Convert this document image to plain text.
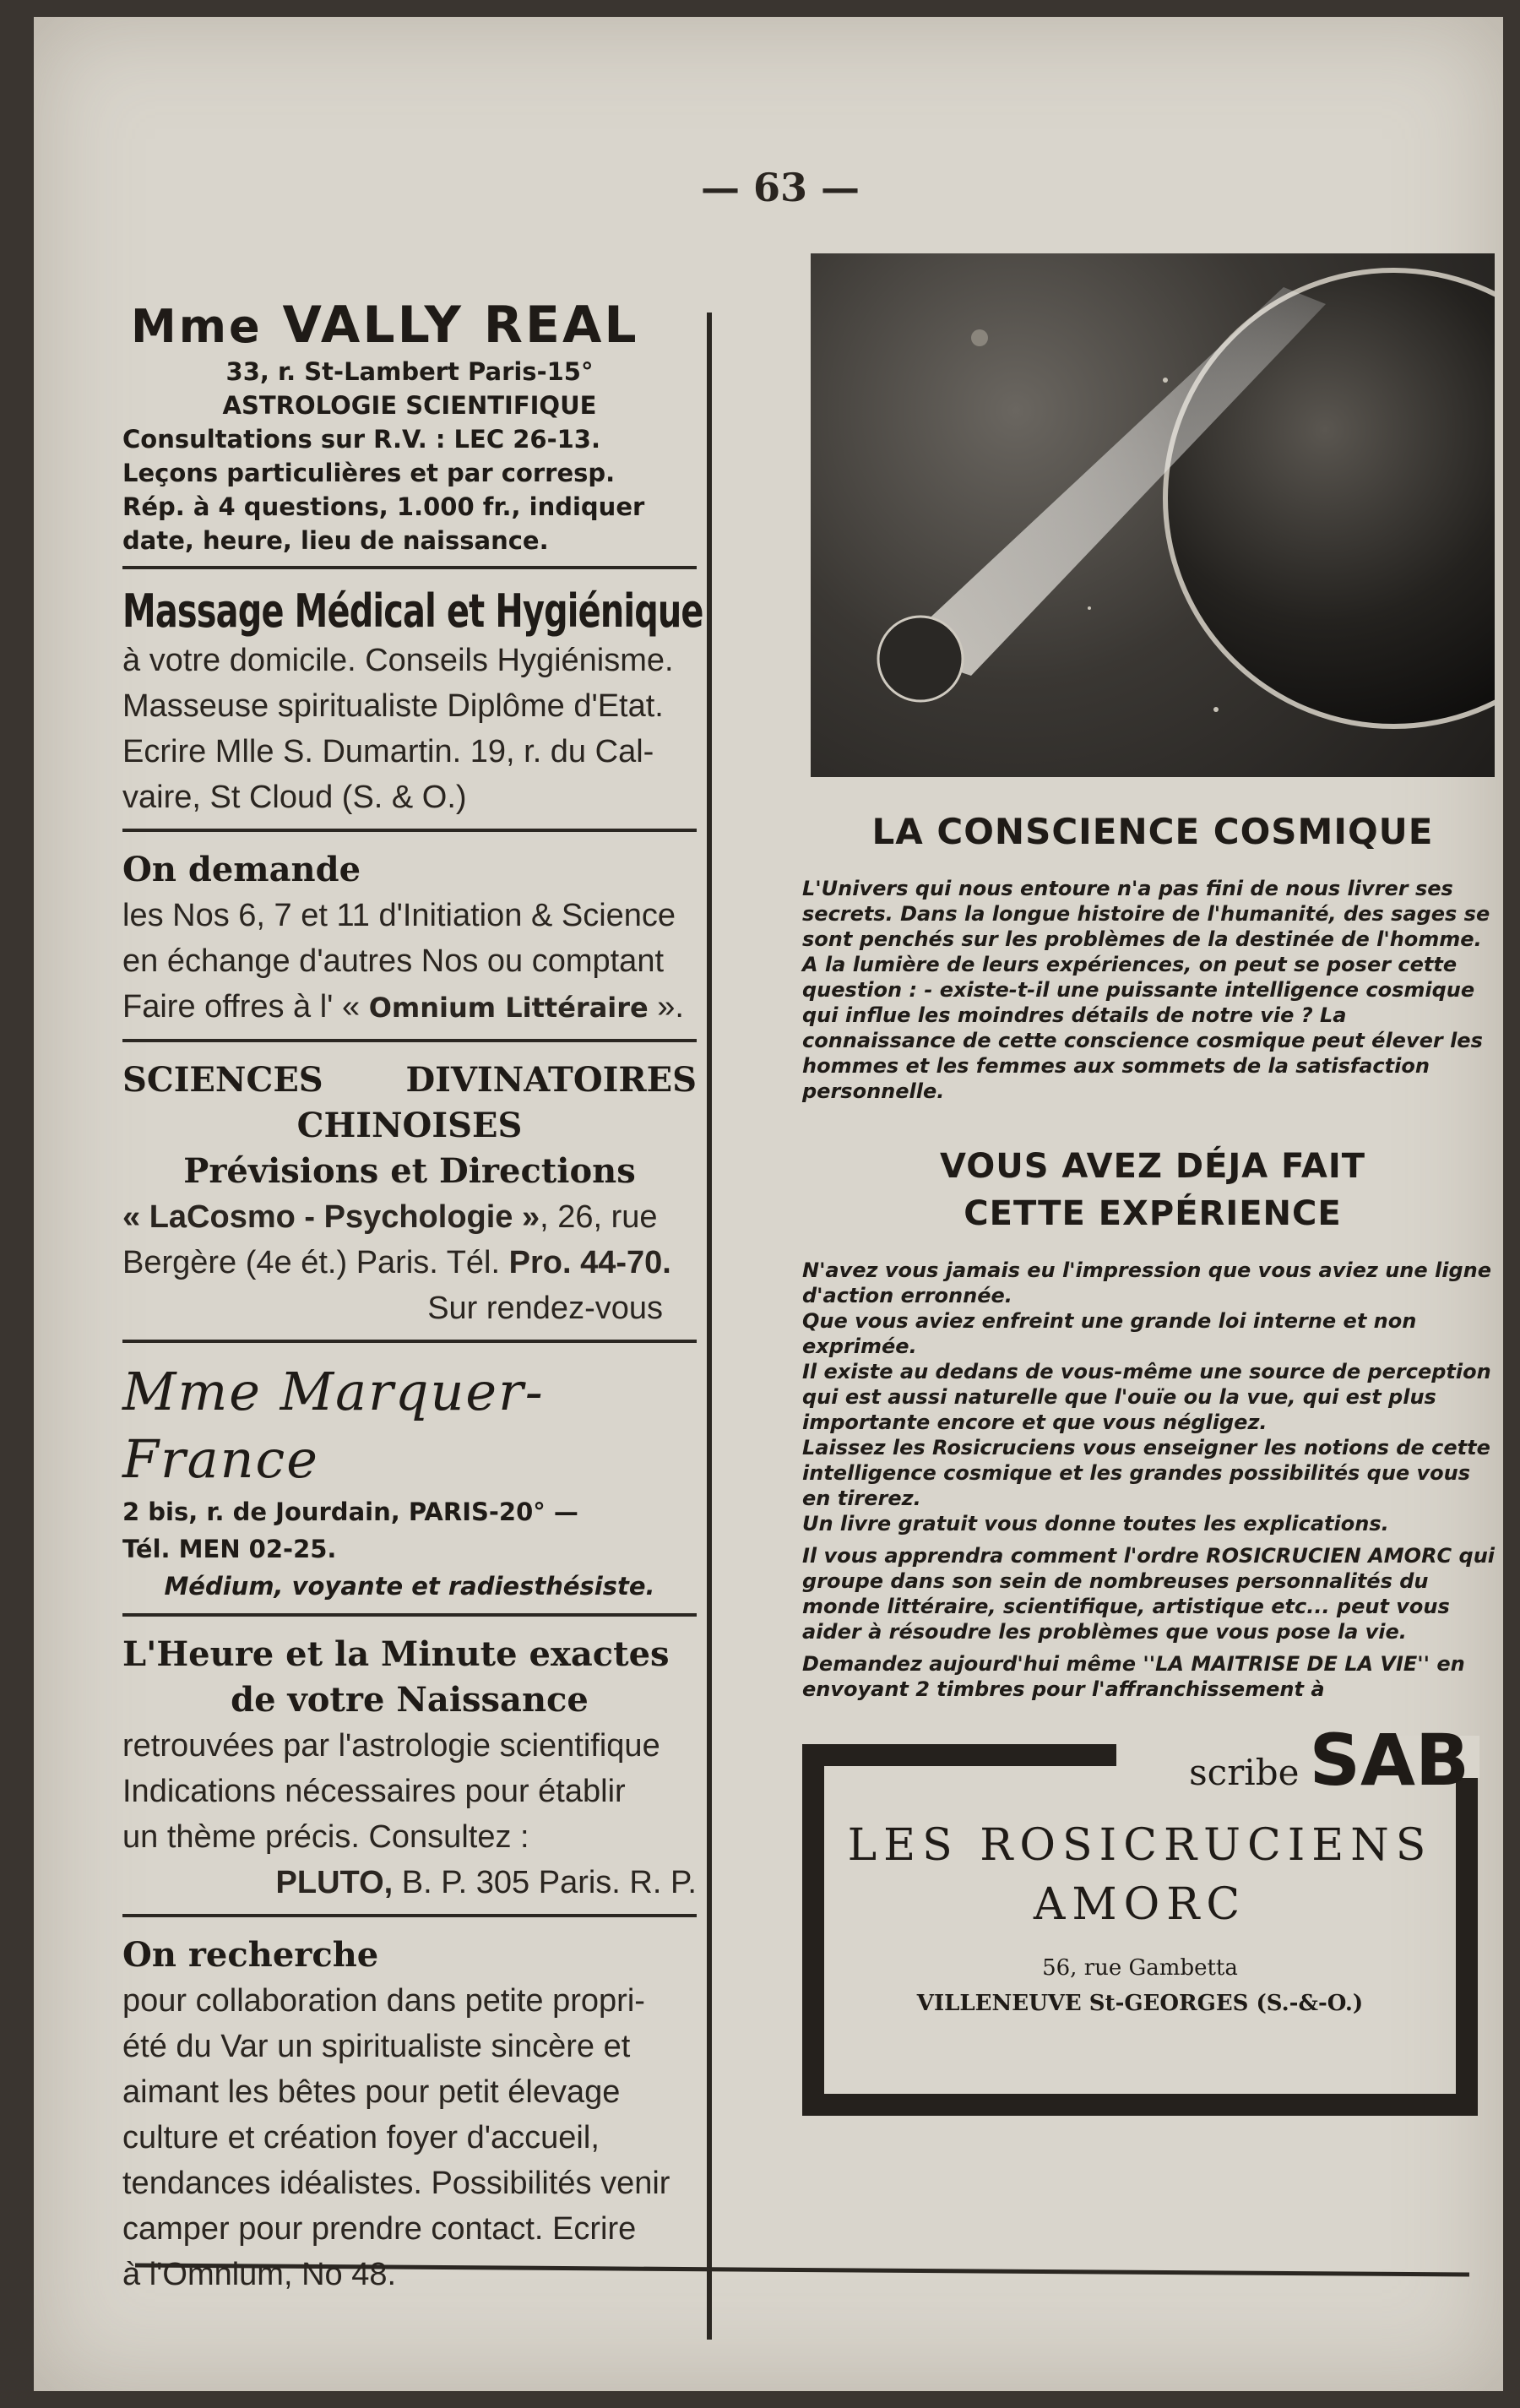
— 63 —
Mme VALLY REAL
33, r. St-Lambert Paris-15°
ASTROLOGIE SCIENTIFIQUE
Consultations sur R.V. : LEC 26-13.
Leçons particulières et par corresp.
Rép. à 4 questions, 1.000 fr., indiquer
date, heure, lieu de naissance.
Massage Médical et Hygiénique
à votre domicile. Conseils Hygiénisme.
Masseuse spiritualiste Diplôme d'Etat.
Ecrire Mlle S. Dumartin. 19, r. du Cal-
vaire, St Cloud (S. & O.)
On demande
les Nos 6, 7 et 11 d'Initiation & Science
en échange d'autres Nos ou comptant
Faire offres à l' « Omnium Littéraire ».
SCIENCES DIVINATOIRES
CHINOISES
Prévisions et Directions
« LaCosmo - Psychologie », 26, rue
Bergère (4e ét.) Paris. Tél. Pro. 44-70.
Sur rendez-vous
Mme Marquer-France
2 bis, r. de Jourdain, PARIS-20° —
Tél. MEN 02-25.
Médium, voyante et radiesthésiste.
L'Heure et la Minute exactes
de votre Naissance
retrouvées par l'astrologie scientifique
Indications nécessaires pour établir
un thème précis. Consultez :
PLUTO, B. P. 305 Paris. R. P.
On recherche
pour collaboration dans petite propri-
été du Var un spiritualiste sincère et
aimant les bêtes pour petit élevage
culture et création foyer d'accueil,
tendances idéalistes. Possibilités venir
camper pour prendre contact. Ecrire
à l'Omnium, No 48.
LA CONSCIENCE COSMIQUE
L'Univers qui nous entoure n'a pas fini de nous livrer ses secrets. Dans la longue histoire de l'humanité, des sages se sont penchés sur les problèmes de la destinée de l'homme. A la lumière de leurs expériences, on peut se poser cette question : - existe-t-il une puissante intelligence cosmique qui influe les moindres détails de notre vie ? La connaissance de cette conscience cosmique peut élever les hommes et les femmes aux sommets de la satisfaction personnelle.
VOUS AVEZ DÉJA FAIT
CETTE EXPÉRIENCE

N'avez vous jamais eu l'impression que vous aviez une ligne d'action erronnée.

Que vous aviez enfreint une grande loi interne et non exprimée.

Il existe au dedans de vous-même une source de perception qui est aussi naturelle que l'ouïe ou la vue, qui est plus importante encore et que vous négligez.

Laissez les Rosicruciens vous enseigner les notions de cette intelligence cosmique et les grandes possibilités que vous en tirerez.

Un livre gratuit vous donne toutes les explications.

Il vous apprendra comment l'ordre ROSICRUCIEN AMORC qui groupe dans son sein de nombreuses personnalités du monde littéraire, scientifique, artistique etc... peut vous aider à résoudre les problèmes que vous pose la vie.

Demandez aujourd'hui même ''LA MAITRISE DE LA VIE'' en envoyant 2 timbres pour l'affranchissement à

scribe SAB
LES ROSICRUCIENS
AMORC
56, rue Gambetta
VILLENEUVE St-GEORGES (S.-&-O.)
